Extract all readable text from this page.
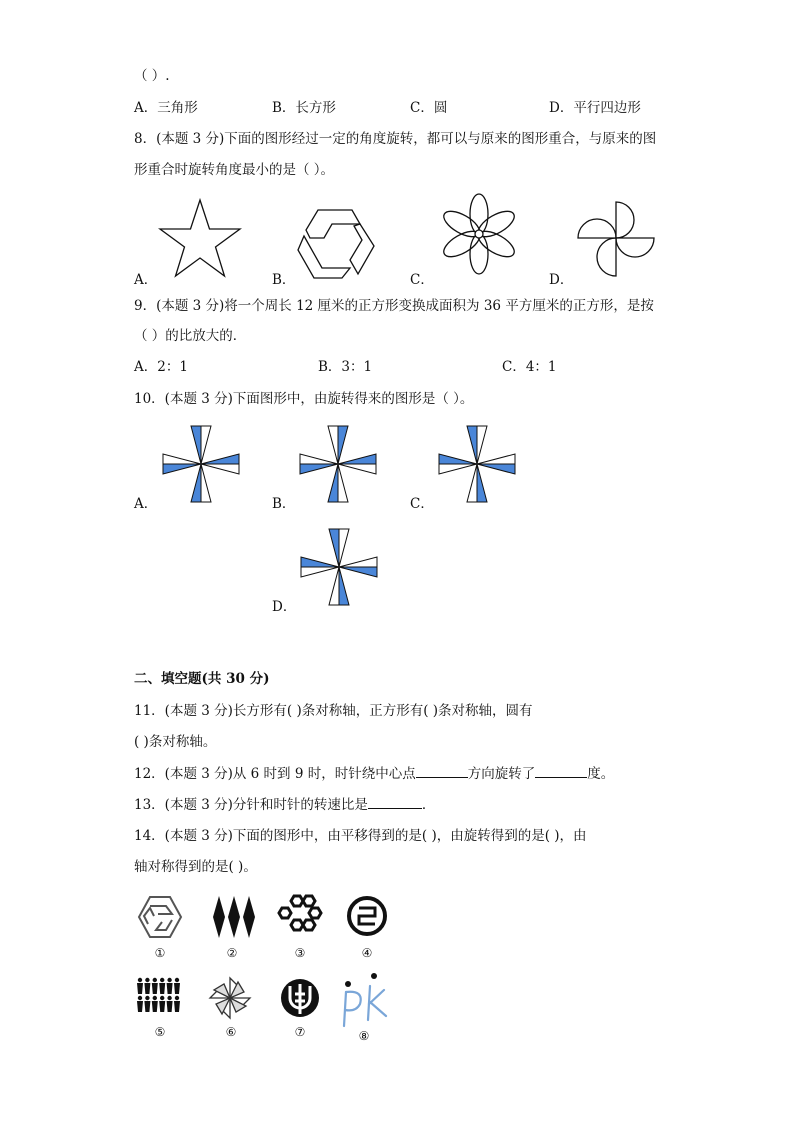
（ ）.
A．三角形	B．长方形	C．圆	D．平行四边形
8．(本题 3 分)下面的图形经过一定的角度旋转，都可以与原来的图形重合，与原来的图
形重合时旋转角度最小的是（ ）。
A．	B．	C．	D．
9．(本题 3 分)将一个周长 12 厘米的正方形变换成面积为 36 平方厘米的正方形，是按
（ ）的比放大的．
A．2：1	B．3：1	C．4：1
10．(本题 3 分)下面图形中，由旋转得来的图形是（ ）。
A．	B．	C．
D．
二、填空题(共 30 分)
11．(本题 3 分)长方形有( )条对称轴，正方形有( )条对称轴，圆有
( )条对称轴。
12．(本题 3 分)从 6 时到 9 时，时针绕中心点	方向旋转了	度。
13．(本题 3 分)分针和时针的转速比是	．
14．(本题 3 分)下面的图形中，由平移得到的是( )，由旋转得到的是( )，由
轴对称得到的是( )。
①	②	③	④
⑤	⑥	⑦	⑧
